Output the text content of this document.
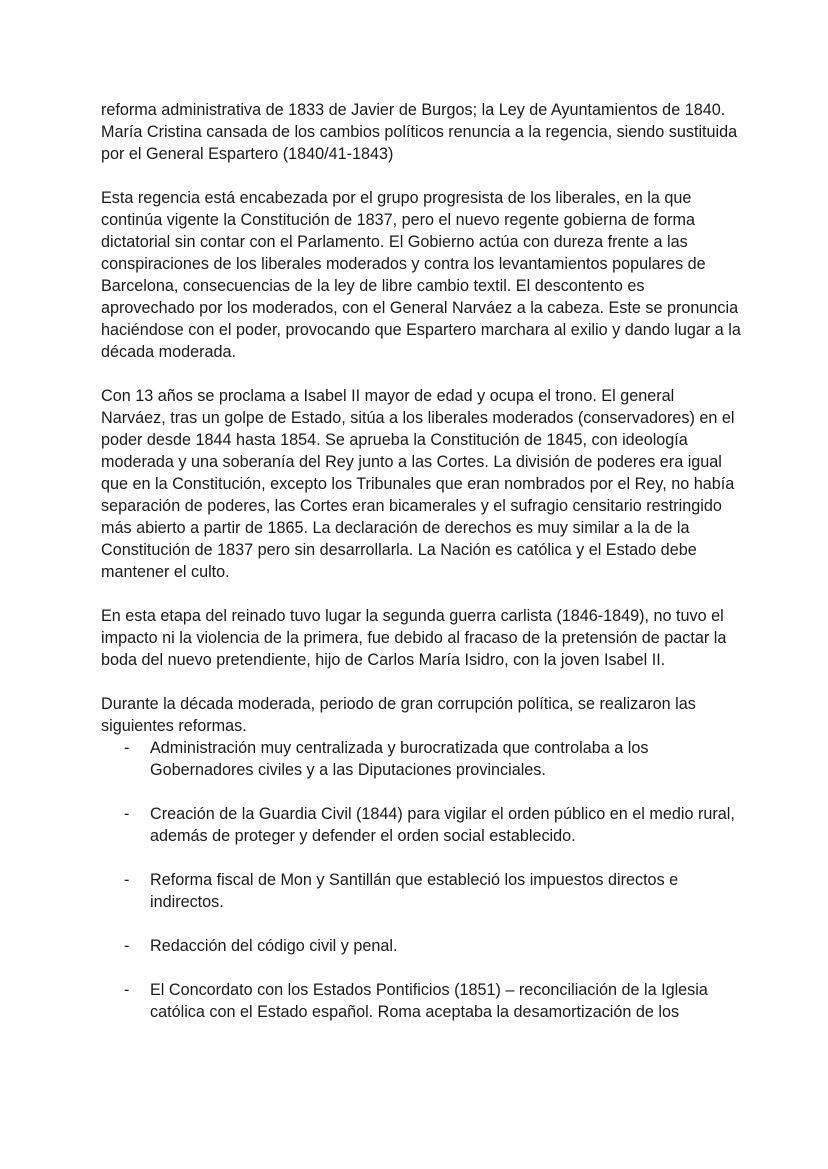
reforma administrativa de 1833 de Javier de Burgos; la Ley de Ayuntamientos de 1840. María Cristina cansada de los cambios políticos renuncia a la regencia, siendo sustituida por el General Espartero (1840/41-1843)

Esta regencia está encabezada por el grupo progresista de los liberales, en la que continúa vigente la Constitución de 1837, pero el nuevo regente gobierna de forma dictatorial sin contar con el Parlamento. El Gobierno actúa con dureza frente a las conspiraciones de los liberales moderados y contra los levantamientos populares de Barcelona, consecuencias de la ley de libre cambio textil. El descontento es aprovechado por los moderados, con el General Narváez a la cabeza. Este se pronuncia haciéndose con el poder, provocando que Espartero marchara al exilio y dando lugar a la década moderada.

Con 13 años se proclama a Isabel II mayor de edad y ocupa el trono. El general Narváez, tras un golpe de Estado, sitúa a los liberales moderados (conservadores) en el poder desde 1844 hasta 1854. Se aprueba la Constitución de 1845, con ideología moderada y una soberanía del Rey junto a las Cortes. La división de poderes era igual que en la Constitución, excepto los Tribunales que eran nombrados por el Rey, no había separación de poderes, las Cortes eran bicamerales y el sufragio censitario restringido más abierto a partir de 1865. La declaración de derechos es muy similar a la de la Constitución de 1837 pero sin desarrollarla. La Nación es católica y el Estado debe mantener el culto.

En esta etapa del reinado tuvo lugar la segunda guerra carlista (1846-1849), no tuvo el impacto ni la violencia de la primera, fue debido al fracaso de la pretensión de pactar la boda del nuevo pretendiente, hijo de Carlos María Isidro, con la joven Isabel II.

Durante la década moderada, periodo de gran corrupción política, se realizaron las siguientes reformas.

- Administración muy centralizada y burocratizada que controlaba a los Gobernadores civiles y a las Diputaciones provinciales.
- Creación de la Guardia Civil (1844) para vigilar el orden público en el medio rural, además de proteger y defender el orden social establecido.
- Reforma fiscal de Mon y Santillán que estableció los impuestos directos e indirectos.
- Redacción del código civil y penal.
- El Concordato con los Estados Pontificios (1851) – reconciliación de la Iglesia católica con el Estado español. Roma aceptaba la desamortización de los
